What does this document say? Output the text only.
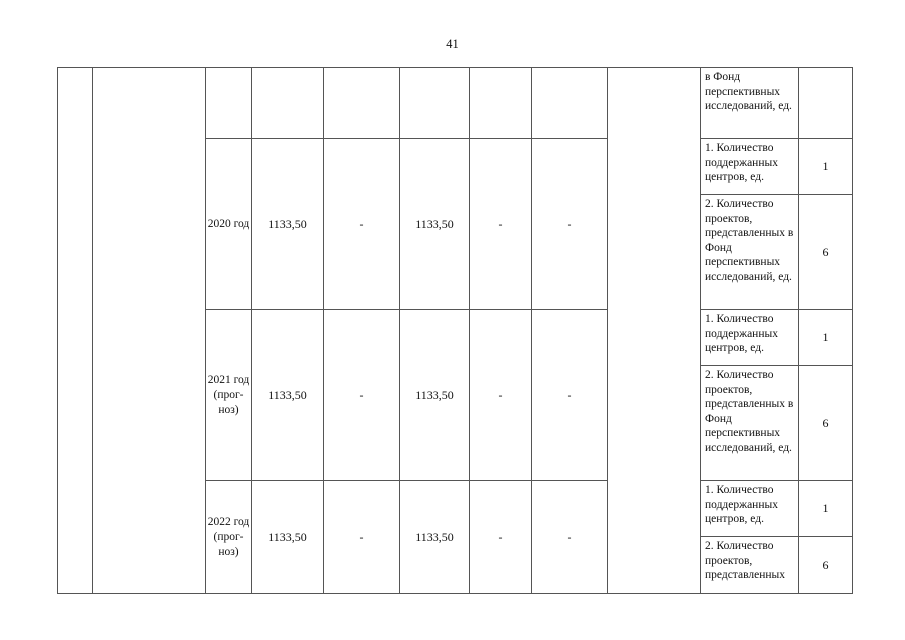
41
									в Фонд перспективных исследований, ед.	
		2020 год	1133,50	-	1133,50	-	-		1. Количество поддержанных центров, ед.	1
									2. Количество проектов, представленных в Фонд перспективных исследований, ед.	6
		2021 год (прог-ноз)	1133,50	-	1133,50	-	-		1. Количество поддержанных центров, ед.	1
									2. Количество проектов, представленных в Фонд перспективных исследований, ед.	6
		2022 год (прог-ноз)	1133,50	-	1133,50	-	-		1. Количество поддержанных центров, ед.	1
									2. Количество проектов, представленных	6
